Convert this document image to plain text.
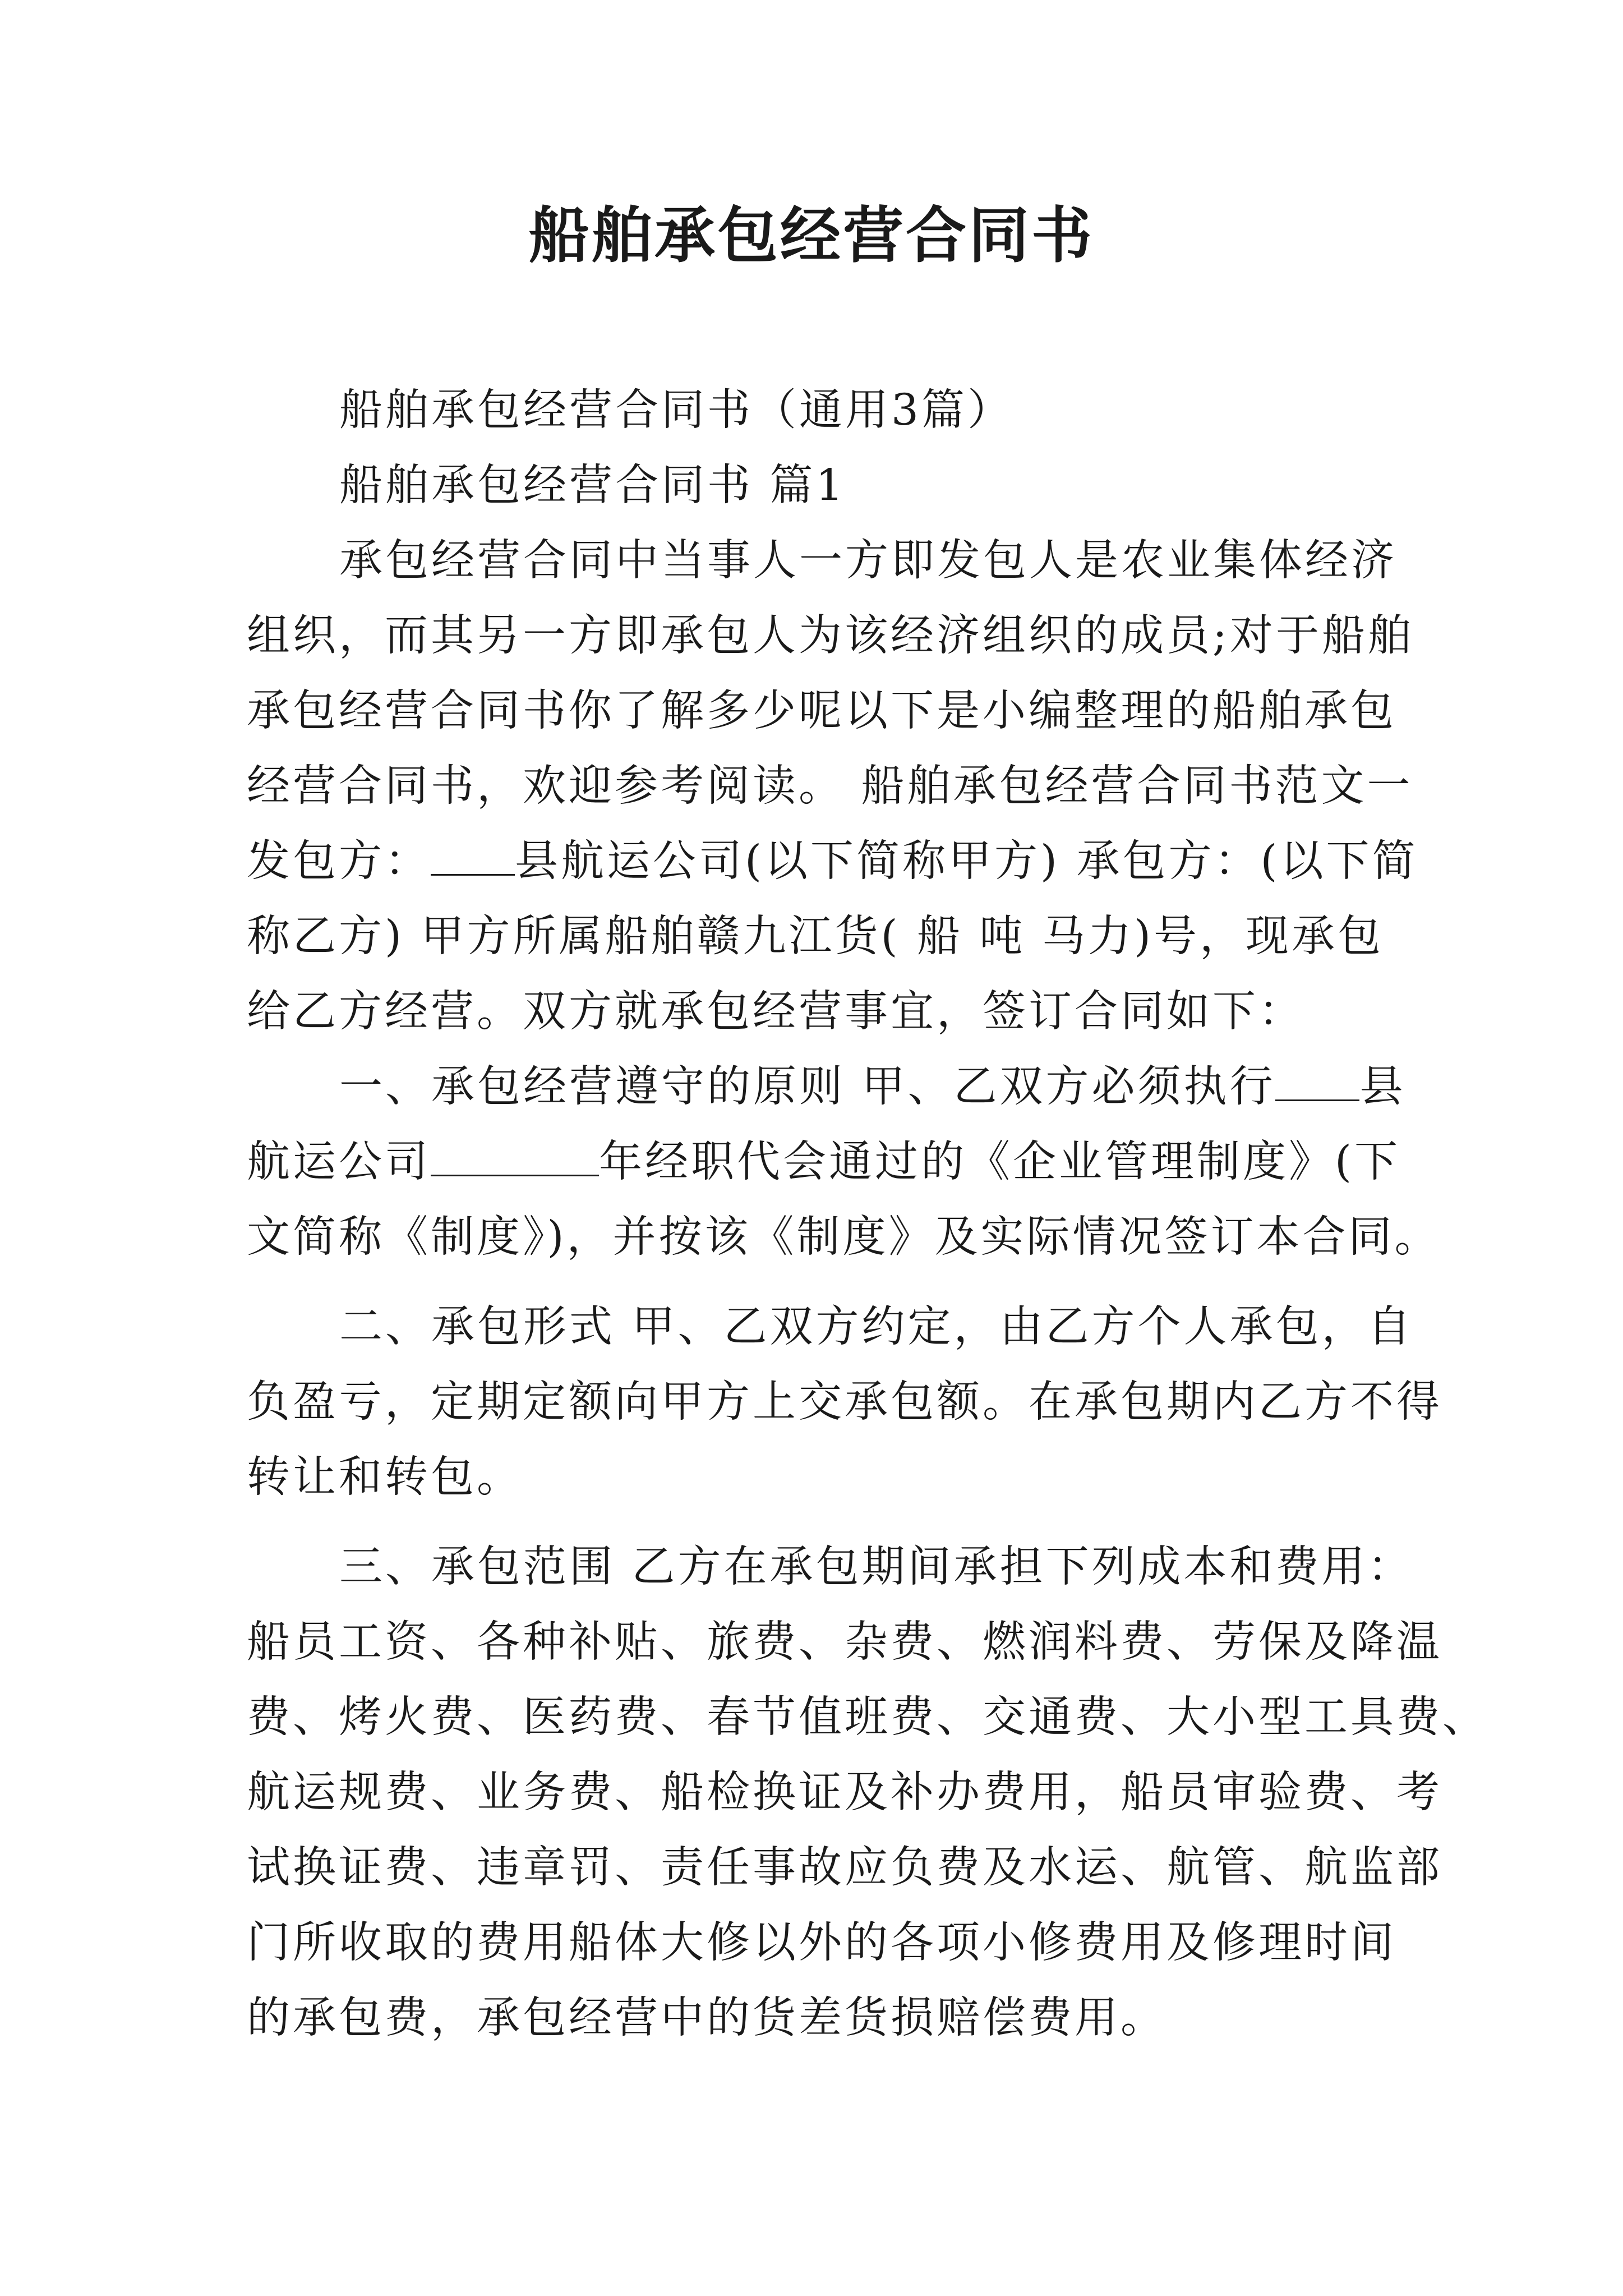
船舶承包经营合同书
船舶承包经营合同书（通用3篇）
船舶承包经营合同书 篇1
承包经营合同中当事人一方即发包人是农业集体经济
组织，而其另一方即承包人为该经济组织的成员;对于船舶
承包经营合同书你了解多少呢以下是小编整理的船舶承包
经营合同书，欢迎参考阅读。 船舶承包经营合同书范文一
发包方： 县航运公司(以下简称甲方) 承包方：(以下简
称乙方) 甲方所属船舶赣九江货( 船 吨 马力)号，现承包
给乙方经营。双方就承包经营事宜，签订合同如下：
一、承包经营遵守的原则 甲、乙双方必须执行 县
航运公司	年经职代会通过的《企业管理制度》(下
文简称《制度》)，并按该《制度》及实际情况签订本合同。
二、承包形式 甲、乙双方约定，由乙方个人承包，自
负盈亏，定期定额向甲方上交承包额。在承包期内乙方不得
转让和转包。
三、承包范围 乙方在承包期间承担下列成本和费用：
船员工资、各种补贴、旅费、杂费、燃润料费、劳保及降温
费、烤火费、医药费、春节值班费、交通费、大小型工具费、
航运规费、业务费、船检换证及补办费用，船员审验费、考
试换证费、违章罚、责任事故应负费及水运、航管、航监部
门所收取的费用船体大修以外的各项小修费用及修理时间
的承包费，承包经营中的货差货损赔偿费用。
